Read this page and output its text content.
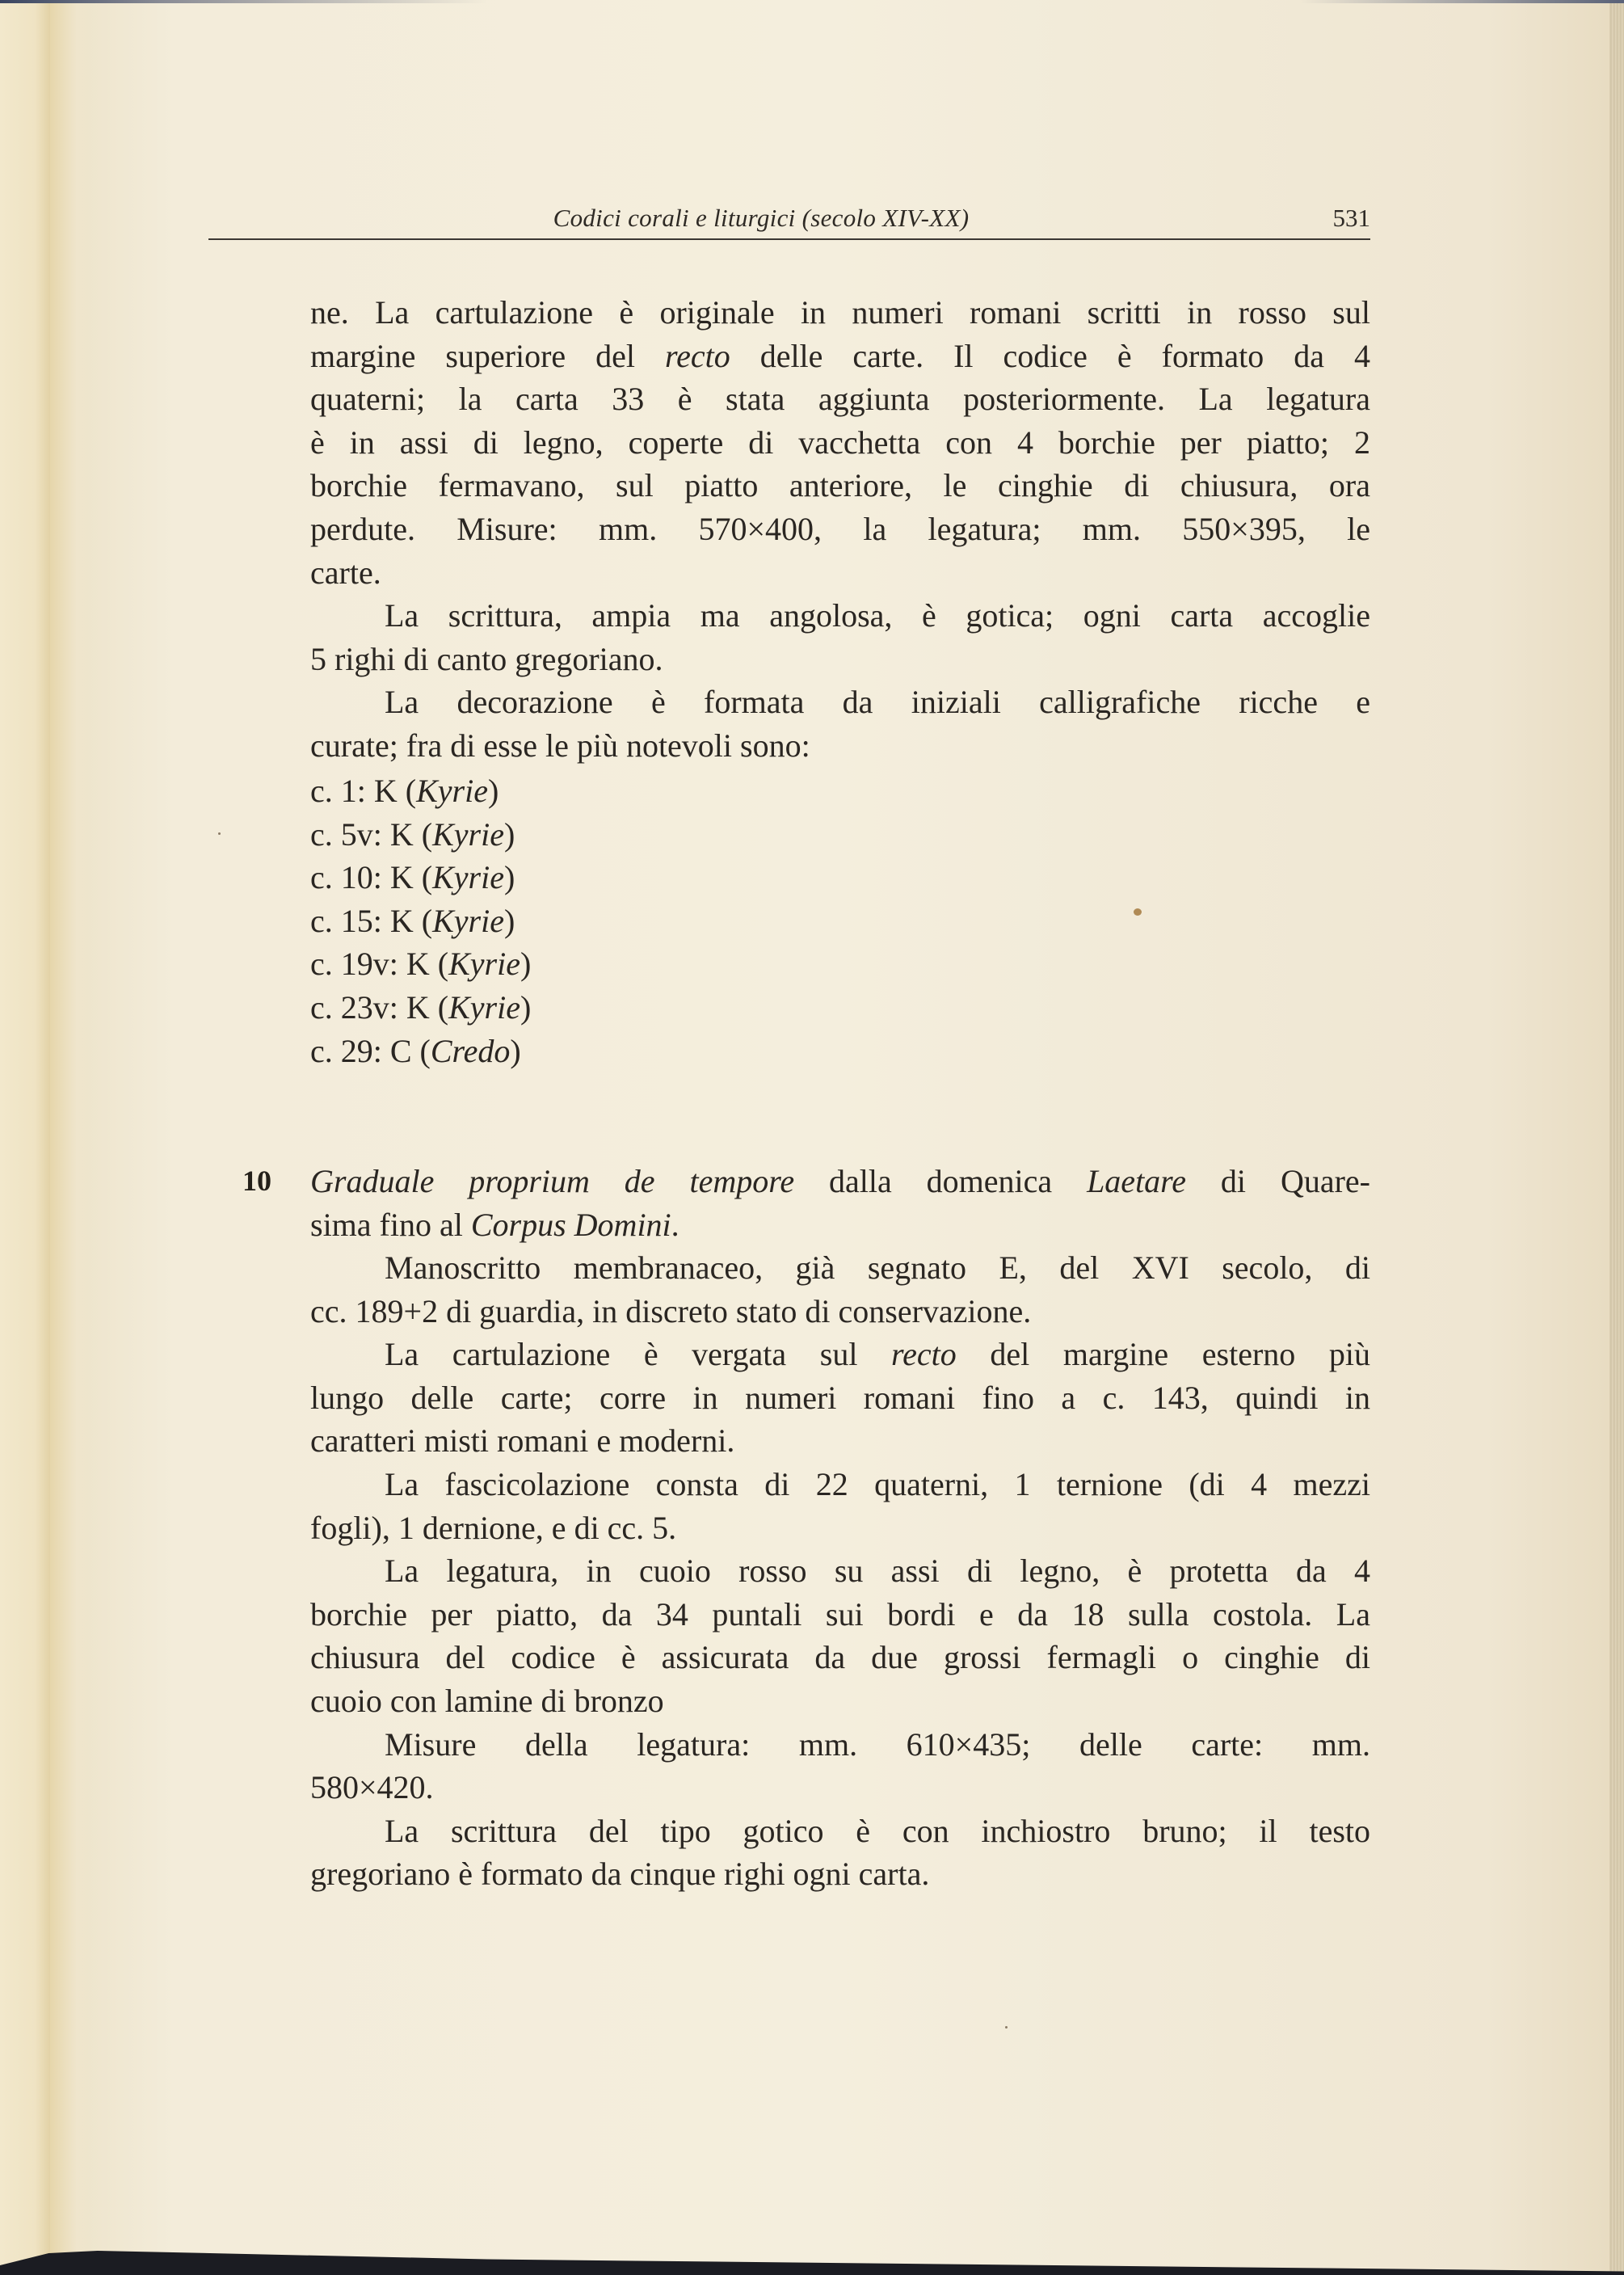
Codici corali e liturgici (secolo XIV-XX)	531
ne. La cartulazione è originale in numeri romani scritti in rosso sul
margine superiore del recto delle carte. Il codice è formato da 4
quaterni; la carta 33 è stata aggiunta posteriormente. La legatura
è in assi di legno, coperte di vacchetta con 4 borchie per piatto; 2
borchie fermavano, sul piatto anteriore, le cinghie di chiusura, ora
perdute. Misure: mm. 570×400, la legatura; mm. 550×395, le
carte.
La scrittura, ampia ma angolosa, è gotica; ogni carta accoglie
5 righi di canto gregoriano.
La decorazione è formata da iniziali calligrafiche ricche e
curate; fra di esse le più notevoli sono:
c. 1: K (Kyrie)
c. 5v: K (Kyrie)
c. 10: K (Kyrie)
c. 15: K (Kyrie)
c. 19v: K (Kyrie)
c. 23v: K (Kyrie)
c. 29: C (Credo)
10 Graduale proprium de tempore dalla domenica Laetare di Quare-
sima fino al Corpus Domini.
Manoscritto membranaceo, già segnato E, del XVI secolo, di
cc. 189+2 di guardia, in discreto stato di conservazione.
La cartulazione è vergata sul recto del margine esterno più
lungo delle carte; corre in numeri romani fino a c. 143, quindi in
caratteri misti romani e moderni.
La fascicolazione consta di 22 quaterni, 1 ternione (di 4 mezzi
fogli), 1 dernione, e di cc. 5.
La legatura, in cuoio rosso su assi di legno, è protetta da 4
borchie per piatto, da 34 puntali sui bordi e da 18 sulla costola. La
chiusura del codice è assicurata da due grossi fermagli o cinghie di
cuoio con lamine di bronzo
Misure della legatura: mm. 610×435; delle carte: mm.
580×420.
La scrittura del tipo gotico è con inchiostro bruno; il testo
gregoriano è formato da cinque righi ogni carta.
